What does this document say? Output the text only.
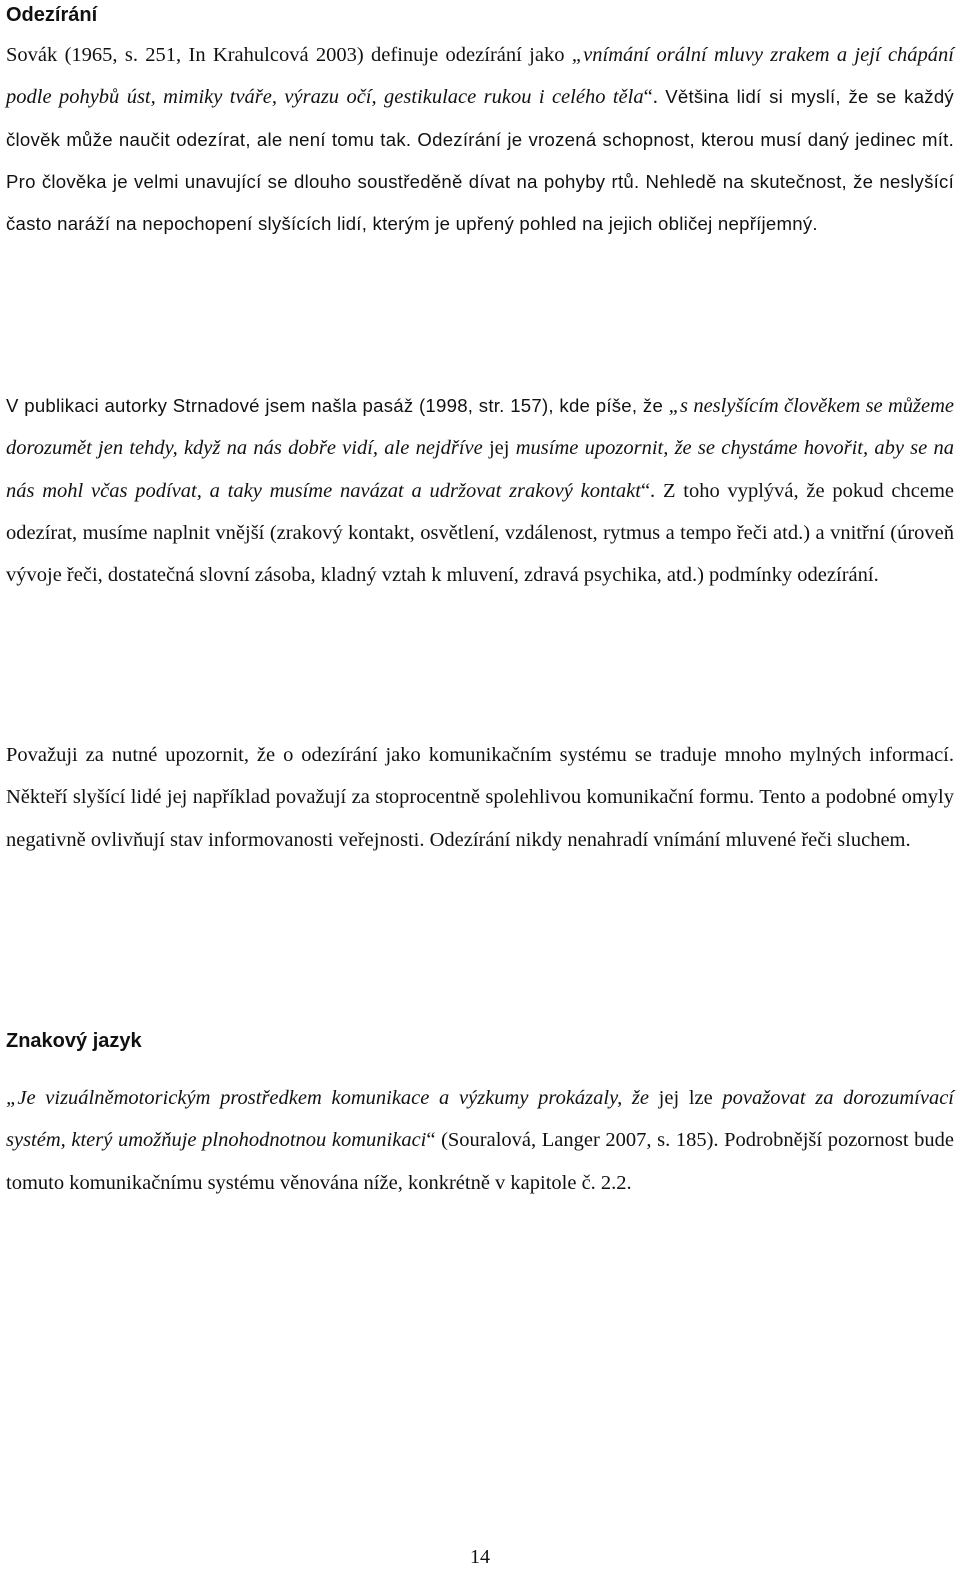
Odezírání

Sovák (1965, s. 251, In Krahulcová 2003) definuje odezírání jako „vnímání orální mluvy zrakem a její chápání podle pohybů úst, mimiky tváře, výrazu očí, gestikulace rukou i celého těla“. Většina lidí si myslí, že se každý člověk může naučit odezírat, ale není tomu tak. Odezírání je vrozená schopnost, kterou musí daný jedinec mít. Pro člověka je velmi unavující se dlouho soustředěně dívat na pohyby rtů. Nehledě na skutečnost, že neslyšící často naráží na nepochopení slyšících lidí, kterým je upřený pohled na jejich obličej nepříjemný.

V publikaci autorky Strnadové jsem našla pasáž (1998, str. 157), kde píše, že „s neslyšícím člověkem se můžeme dorozumět jen tehdy, když na nás dobře vidí, ale nejdříve jej musíme upozornit, že se chystáme hovořit, aby se na nás mohl včas podívat, a taky musíme navázat a udržovat zrakový kontakt“. Z toho vyplývá, že pokud chceme odezírat, musíme naplnit vnější (zrakový kontakt, osvětlení, vzdálenost, rytmus a tempo řeči atd.) a vnitřní (úroveň vývoje řeči, dostatečná slovní zásoba, kladný vztah k mluvení, zdravá psychika, atd.) podmínky odezírání.

Považuji za nutné upozornit, že o odezírání jako komunikačním systému se traduje mnoho mylných informací. Někteří slyšící lidé jej například považují za stoprocentně spolehlivou komunikační formu. Tento a podobné omyly negativně ovlivňují stav informovanosti veřejnosti. Odezírání nikdy nenahradí vnímání mluvené řeči sluchem.

Znakový jazyk

„Je vizuálněmotorickým prostředkem komunikace a výzkumy prokázaly, že jej lze považovat za dorozumívací systém, který umožňuje plnohodnotnou komunikaci“ (Souralová, Langer 2007, s. 185). Podrobnější pozornost bude tomuto komunikačnímu systému věnována níže, konkrétně v kapitole č. 2.2.

14
